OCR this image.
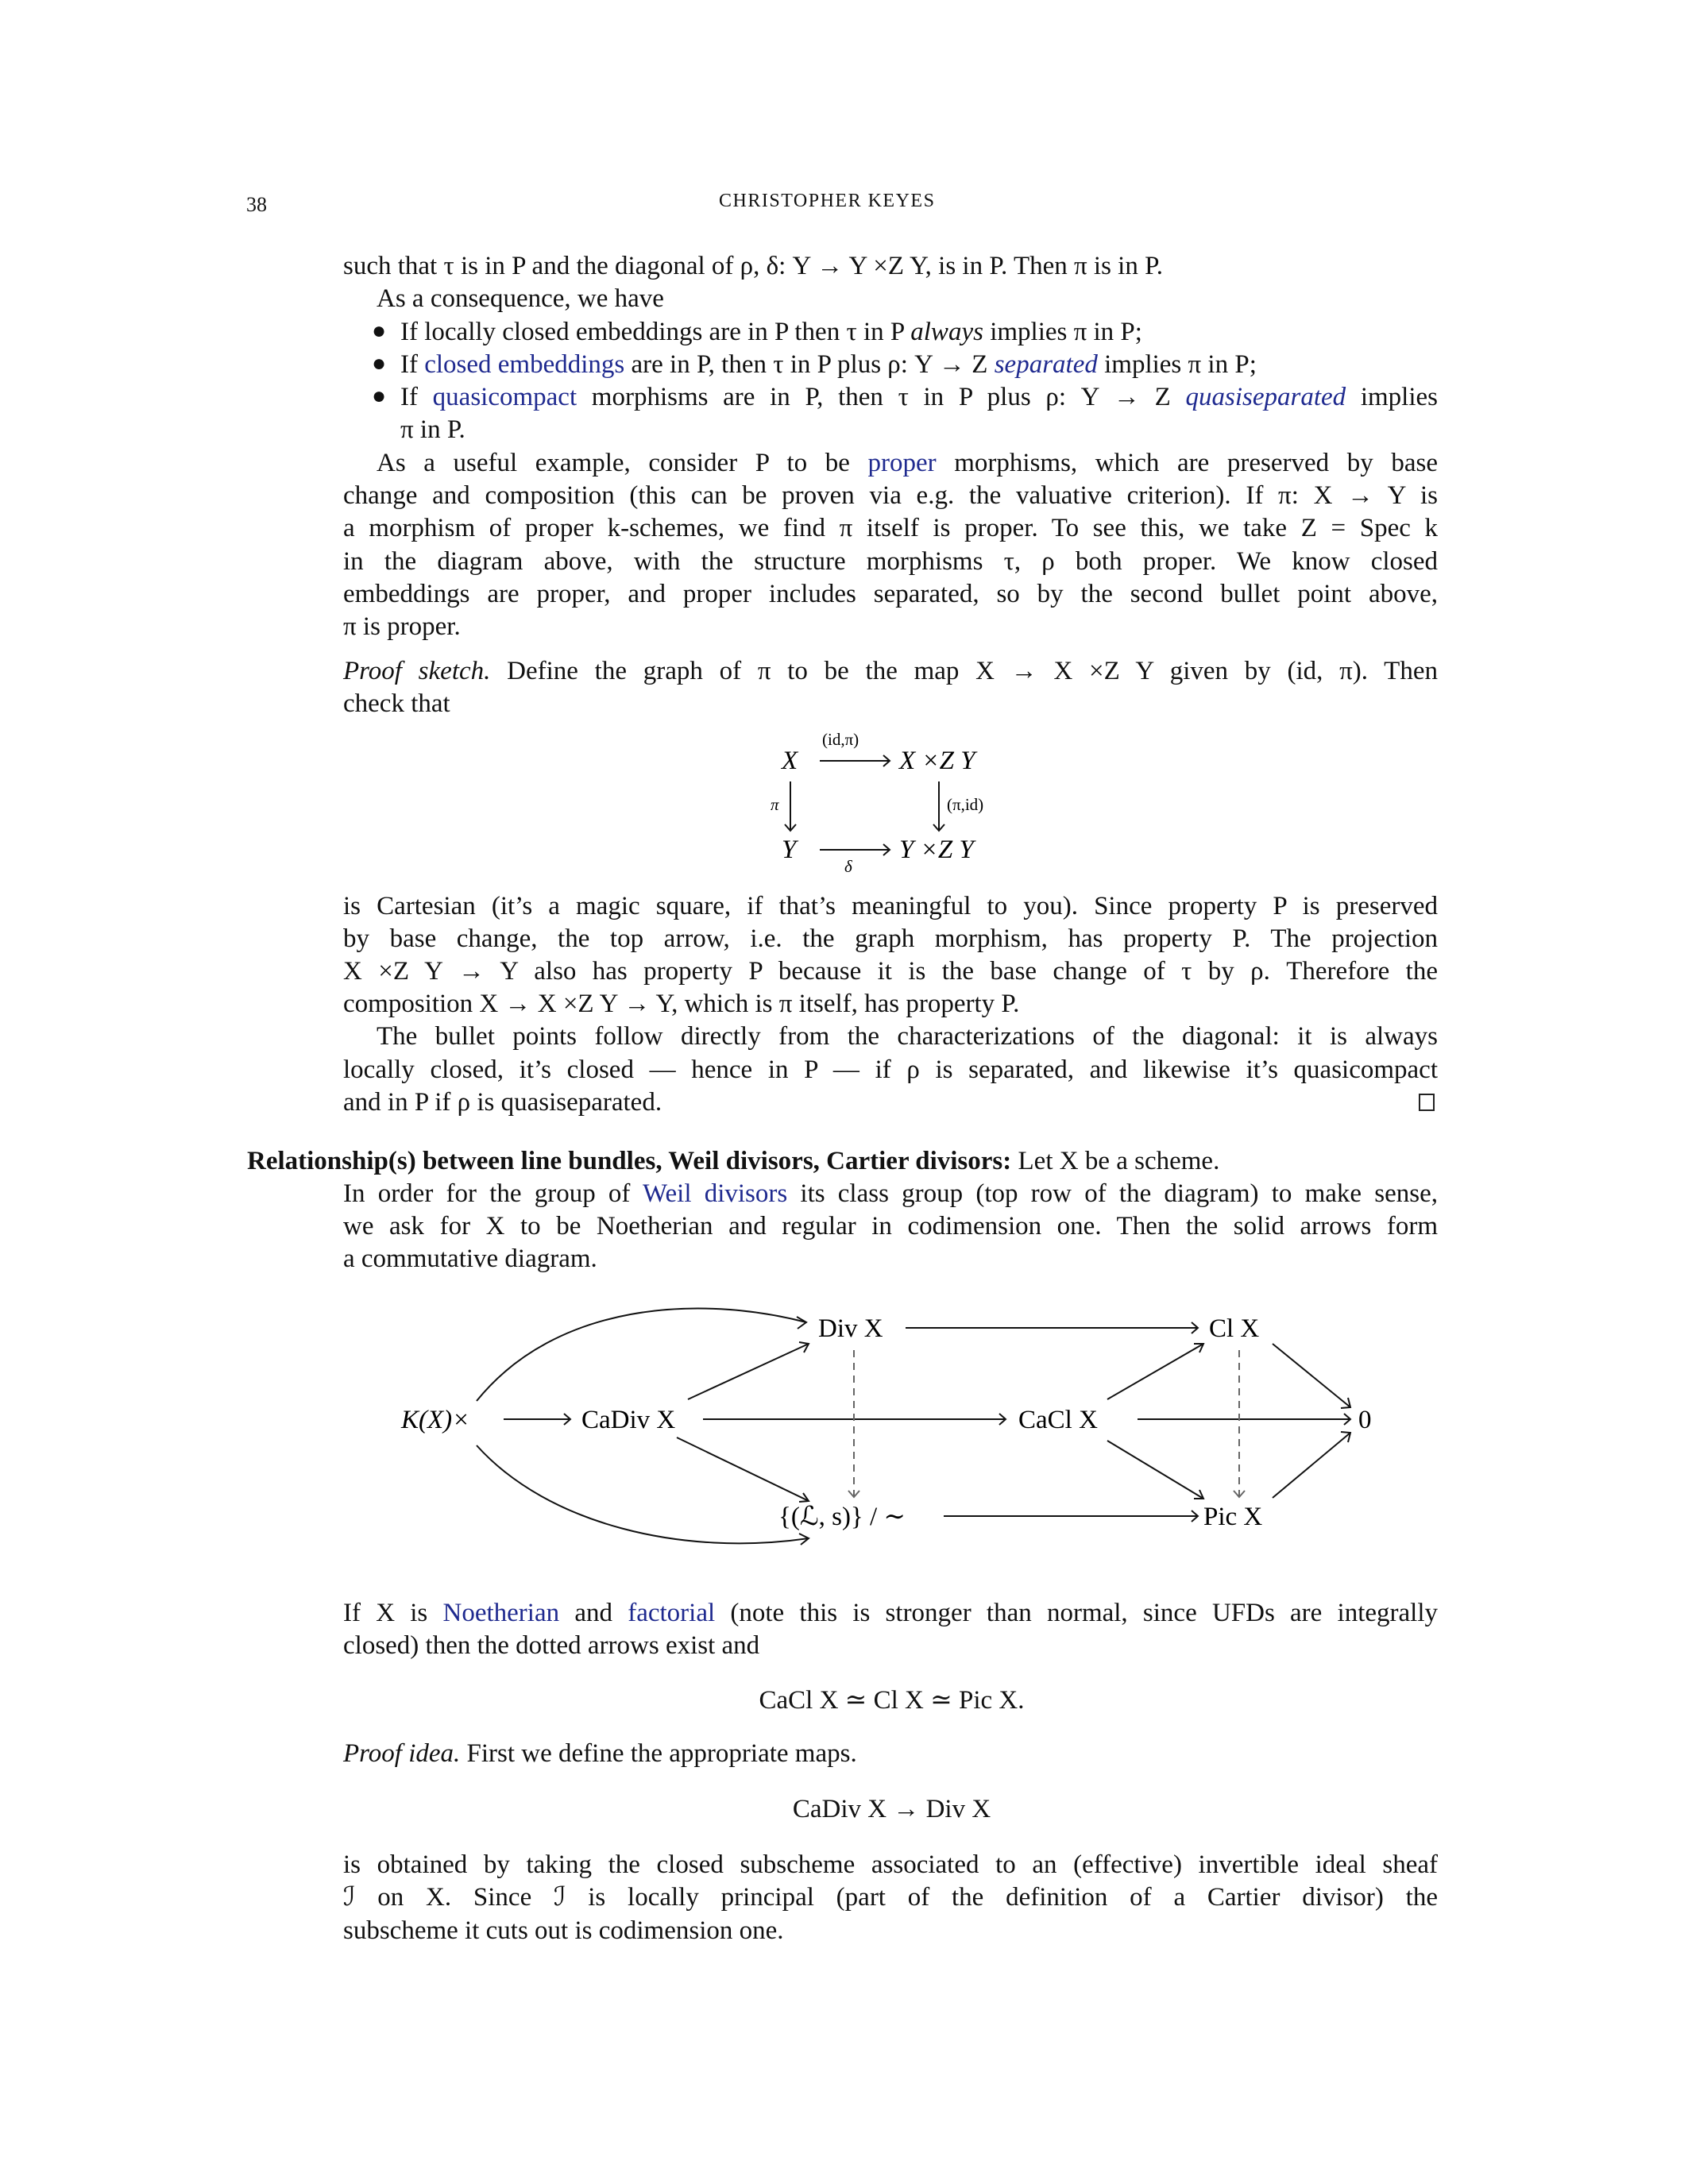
38	CHRISTOPHER KEYES
such that τ is in P and the diagonal of ρ, δ: Y → Y ×Z Y, is in P. Then π is in P.
As a consequence, we have
● If locally closed embeddings are in P then τ in P always implies π in P;
● If closed embeddings are in P, then τ in P plus ρ: Y → Z separated implies π in P;
● If quasicompact morphisms are in P, then τ in P plus ρ: Y → Z quasiseparated implies
π in P.
As a useful example, consider P to be proper morphisms, which are preserved by base
change and composition (this can be proven via e.g. the valuative criterion). If π: X → Y is
a morphism of proper k-schemes, we find π itself is proper. To see this, we take Z = Spec k
in the diagram above, with the structure morphisms τ, ρ both proper. We know closed
embeddings are proper, and proper includes separated, so by the second bullet point above,
π is proper.
Proof sketch. Define the graph of π to be the map X → X ×Z Y given by (id, π). Then
check that
X	X ×Z Y
Y	Y ×Z Y
(id,π)
π	(π,id)
δ
is Cartesian (it’s a magic square, if that’s meaningful to you). Since property P is preserved
by base change, the top arrow, i.e. the graph morphism, has property P. The projection
X ×Z Y → Y also has property P because it is the base change of τ by ρ. Therefore the
composition X → X ×Z Y → Y, which is π itself, has property P.
The bullet points follow directly from the characterizations of the diagonal: it is always
locally closed, it’s closed — hence in P — if ρ is separated, and likewise it’s quasicompact
and in P if ρ is quasiseparated.
Relationship(s) between line bundles, Weil divisors, Cartier divisors: Let X be a scheme.
In order for the group of Weil divisors its class group (top row of the diagram) to make sense,
we ask for X to be Noetherian and regular in codimension one. Then the solid arrows form
a commutative diagram.
K(X)×	CaDiv X
Div X	Cl X
CaCl X	0
{(ℒ, s)} / ∼	Pic X
If X is Noetherian and factorial (note this is stronger than normal, since UFDs are integrally
closed) then the dotted arrows exist and
CaCl X ≃ Cl X ≃ Pic X.
Proof idea. First we define the appropriate maps.
CaDiv X → Div X
is obtained by taking the closed subscheme associated to an (effective) invertible ideal sheaf
ℐ on X. Since ℐ is locally principal (part of the definition of a Cartier divisor) the
subscheme it cuts out is codimension one.
